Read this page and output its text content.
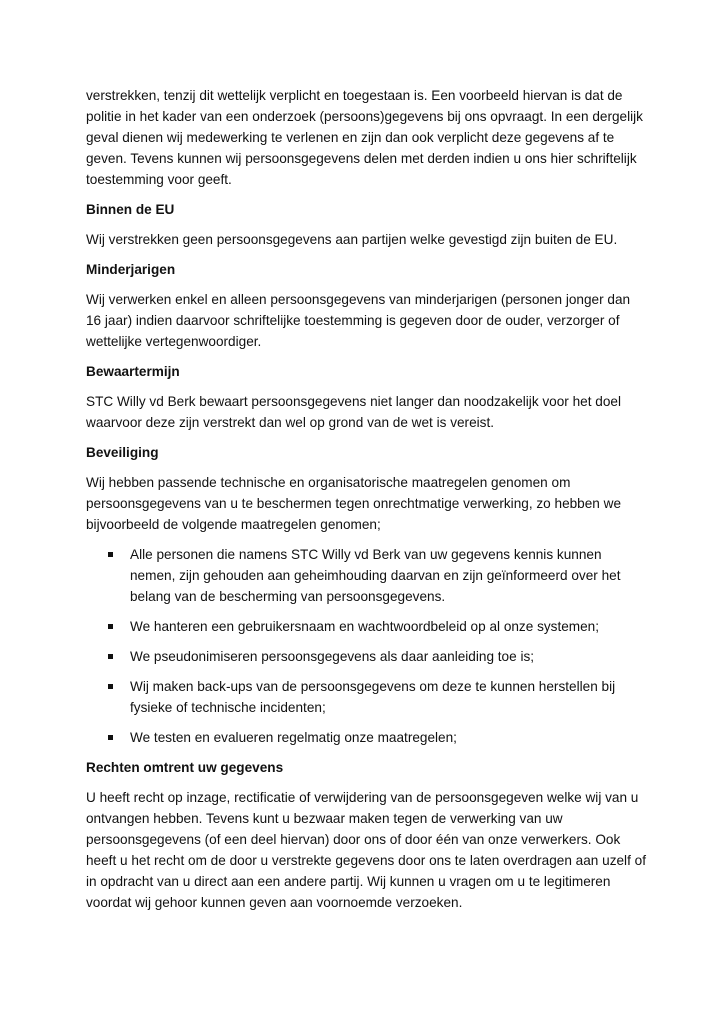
verstrekken, tenzij dit wettelijk verplicht en toegestaan is. Een voorbeeld hiervan is dat de politie in het kader van een onderzoek (persoons)gegevens bij ons opvraagt. In een dergelijk geval dienen wij medewerking te verlenen en zijn dan ook verplicht deze gegevens af te geven. Tevens kunnen wij persoonsgegevens delen met derden indien u ons hier schriftelijk toestemming voor geeft.

Binnen de EU

Wij verstrekken geen persoonsgegevens aan partijen welke gevestigd zijn buiten de EU.

Minderjarigen

Wij verwerken enkel en alleen persoonsgegevens van minderjarigen (personen jonger dan 16 jaar) indien daarvoor schriftelijke toestemming is gegeven door de ouder, verzorger of wettelijke vertegenwoordiger.

Bewaartermijn

STC Willy vd Berk bewaart persoonsgegevens niet langer dan noodzakelijk voor het doel waarvoor deze zijn verstrekt dan wel op grond van de wet is vereist.

Beveiliging

Wij hebben passende technische en organisatorische maatregelen genomen om persoonsgegevens van u te beschermen tegen onrechtmatige verwerking, zo hebben we bijvoorbeeld de volgende maatregelen genomen;

Alle personen die namens STC Willy vd Berk van uw gegevens kennis kunnen nemen, zijn gehouden aan geheimhouding daarvan en zijn geïnformeerd over het belang van de bescherming van persoonsgegevens.
We hanteren een gebruikersnaam en wachtwoordbeleid op al onze systemen;
We pseudonimiseren persoonsgegevens als daar aanleiding toe is;
Wij maken back-ups van de persoonsgegevens om deze te kunnen herstellen bij fysieke of technische incidenten;
We testen en evalueren regelmatig onze maatregelen;
Rechten omtrent uw gegevens

U heeft recht op inzage, rectificatie of verwijdering van de persoonsgegeven welke wij van u ontvangen hebben. Tevens kunt u bezwaar maken tegen de verwerking van uw persoonsgegevens (of een deel hiervan) door ons of door één van onze verwerkers. Ook heeft u het recht om de door u verstrekte gegevens door ons te laten overdragen aan uzelf of in opdracht van u direct aan een andere partij. Wij kunnen u vragen om u te legitimeren voordat wij gehoor kunnen geven aan voornoemde verzoeken.
